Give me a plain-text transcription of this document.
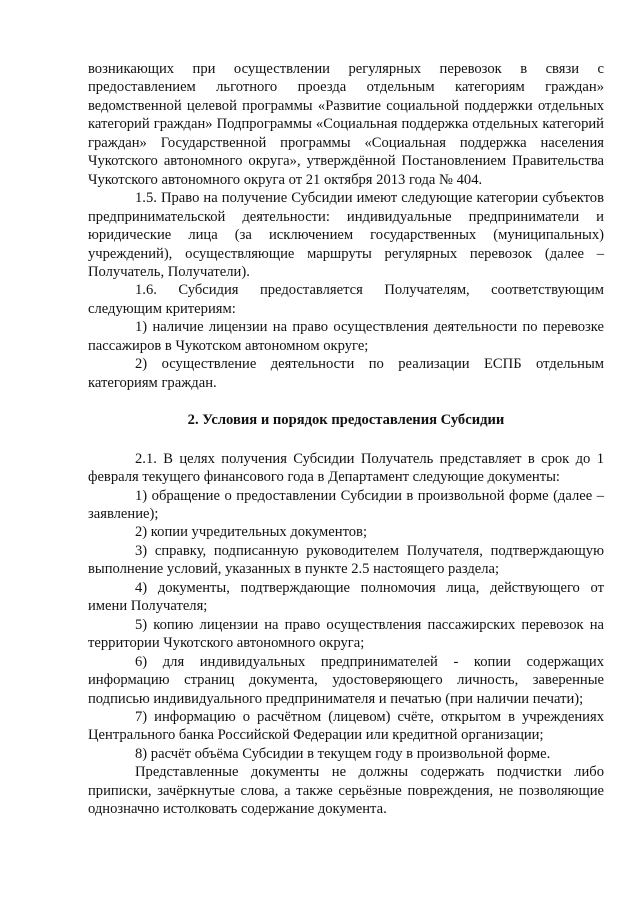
возникающих при осуществлении регулярных перевозок в связи с предоставлением льготного проезда отдельным категориям граждан» ведомственной целевой программы «Развитие социальной поддержки отдельных категорий граждан» Подпрограммы «Социальная поддержка отдельных категорий граждан» Государственной программы «Социальная поддержка населения Чукотского автономного округа», утверждённой Постановлением Правительства Чукотского автономного округа от 21 октября 2013 года № 404.

1.5. Право на получение Субсидии имеют следующие категории субъектов предпринимательской деятельности: индивидуальные предприниматели и юридические лица (за исключением государственных (муниципальных) учреждений), осуществляющие маршруты регулярных перевозок (далее – Получатель, Получатели).

1.6. Субсидия предоставляется Получателям, соответствующим следующим критериям:

1) наличие лицензии на право осуществления деятельности по перевозке пассажиров в Чукотском автономном округе;

2) осуществление деятельности по реализации ЕСПБ отдельным категориям граждан.

2. Условия и порядок предоставления Субсидии

2.1. В целях получения Субсидии Получатель представляет в срок до 1 февраля текущего финансового года в Департамент следующие документы:

1) обращение о предоставлении Субсидии в произвольной форме (далее – заявление);

2) копии учредительных документов;

3) справку, подписанную руководителем Получателя, подтверждающую выполнение условий, указанных в пункте 2.5 настоящего раздела;

4) документы, подтверждающие полномочия лица, действующего от имени Получателя;

5) копию лицензии на право осуществления пассажирских перевозок на территории Чукотского автономного округа;

6) для индивидуальных предпринимателей - копии содержащих информацию страниц документа, удостоверяющего личность, заверенные подписью индивидуального предпринимателя и печатью (при наличии печати);

7) информацию о расчётном (лицевом) счёте, открытом в учреждениях Центрального банка Российской Федерации или кредитной организации;

8) расчёт объёма Субсидии в текущем году в произвольной форме.

Представленные документы не должны содержать подчистки либо приписки, зачёркнутые слова, а также серьёзные повреждения, не позволяющие однозначно истолковать содержание документа.
